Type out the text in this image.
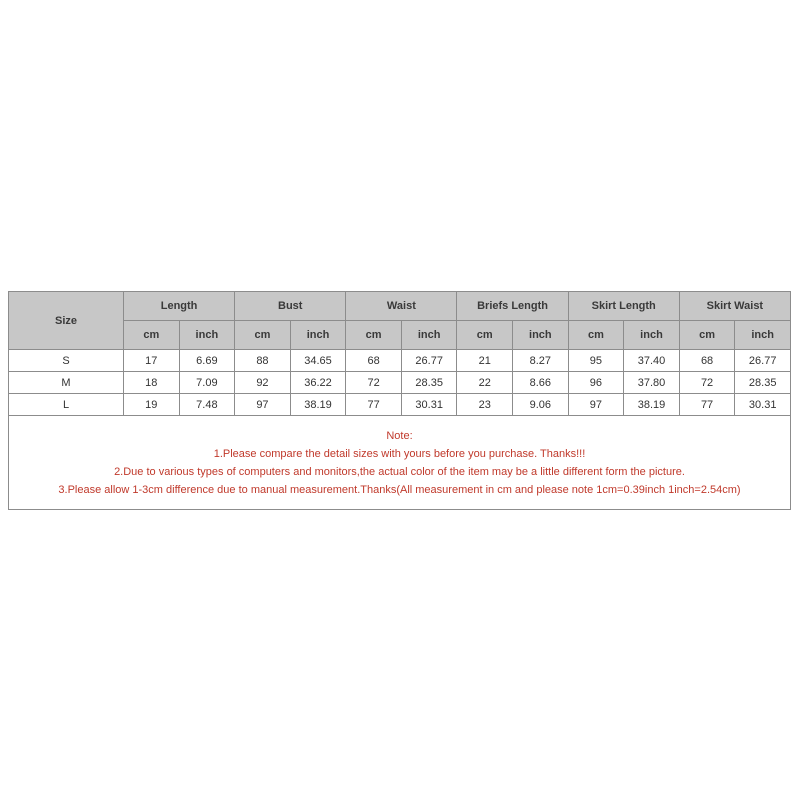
Size	Length		Bust		Waist		Briefs Length		Skirt Length		Skirt Waist	
	cm	inch	cm	inch	cm	inch	cm	inch	cm	inch	cm	inch
S	17	6.69	88	34.65	68	26.77	21	8.27	95	37.40	68	26.77
M	18	7.09	92	36.22	72	28.35	22	8.66	96	37.80	72	28.35
L	19	7.48	97	38.19	77	30.31	23	9.06	97	38.19	77	30.31

Note:
1.Please compare the detail sizes with yours before you purchase. Thanks!!!
2.Due to various types of computers and monitors,the actual color of the item may be a little different form the picture.
3.Please allow 1-3cm difference due to manual measurement.Thanks(All measurement in cm and please note 1cm=0.39inch 1inch=2.54cm)												
